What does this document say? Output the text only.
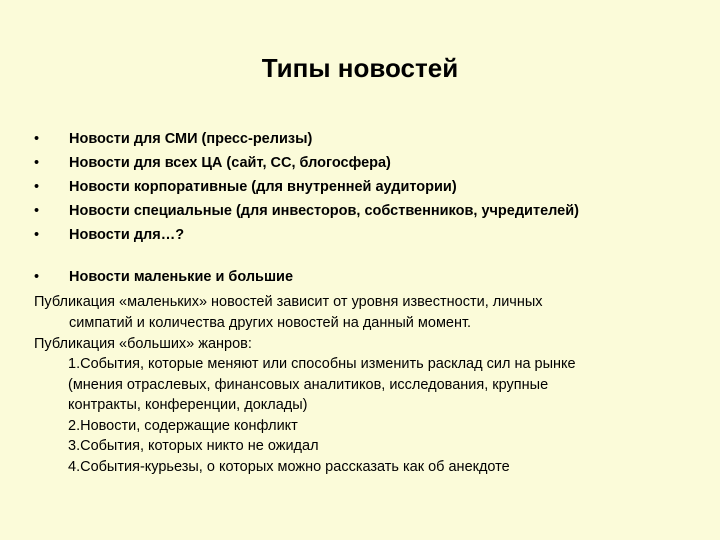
Типы новостей
• Новости для СМИ (пресс-релизы)
• Новости для всех ЦА (сайт, СС, блогосфера)
• Новости корпоративные (для внутренней аудитории)
• Новости специальные (для инвесторов, собственников, учредителей)
• Новости для…?
• Новости маленькие и большие
Публикация «маленьких» новостей зависит от уровня известности, личных
симпатий и количества других новостей на данный момент.
Публикация «больших» жанров:
1.События, которые меняют или способны изменить расклад сил на рынке
(мнения отраслевых, финансовых аналитиков, исследования, крупные
контракты, конференции, доклады)
2.Новости, содержащие конфликт
3.События, которых никто не ожидал
4.События-курьезы, о которых можно рассказать как об анекдоте
